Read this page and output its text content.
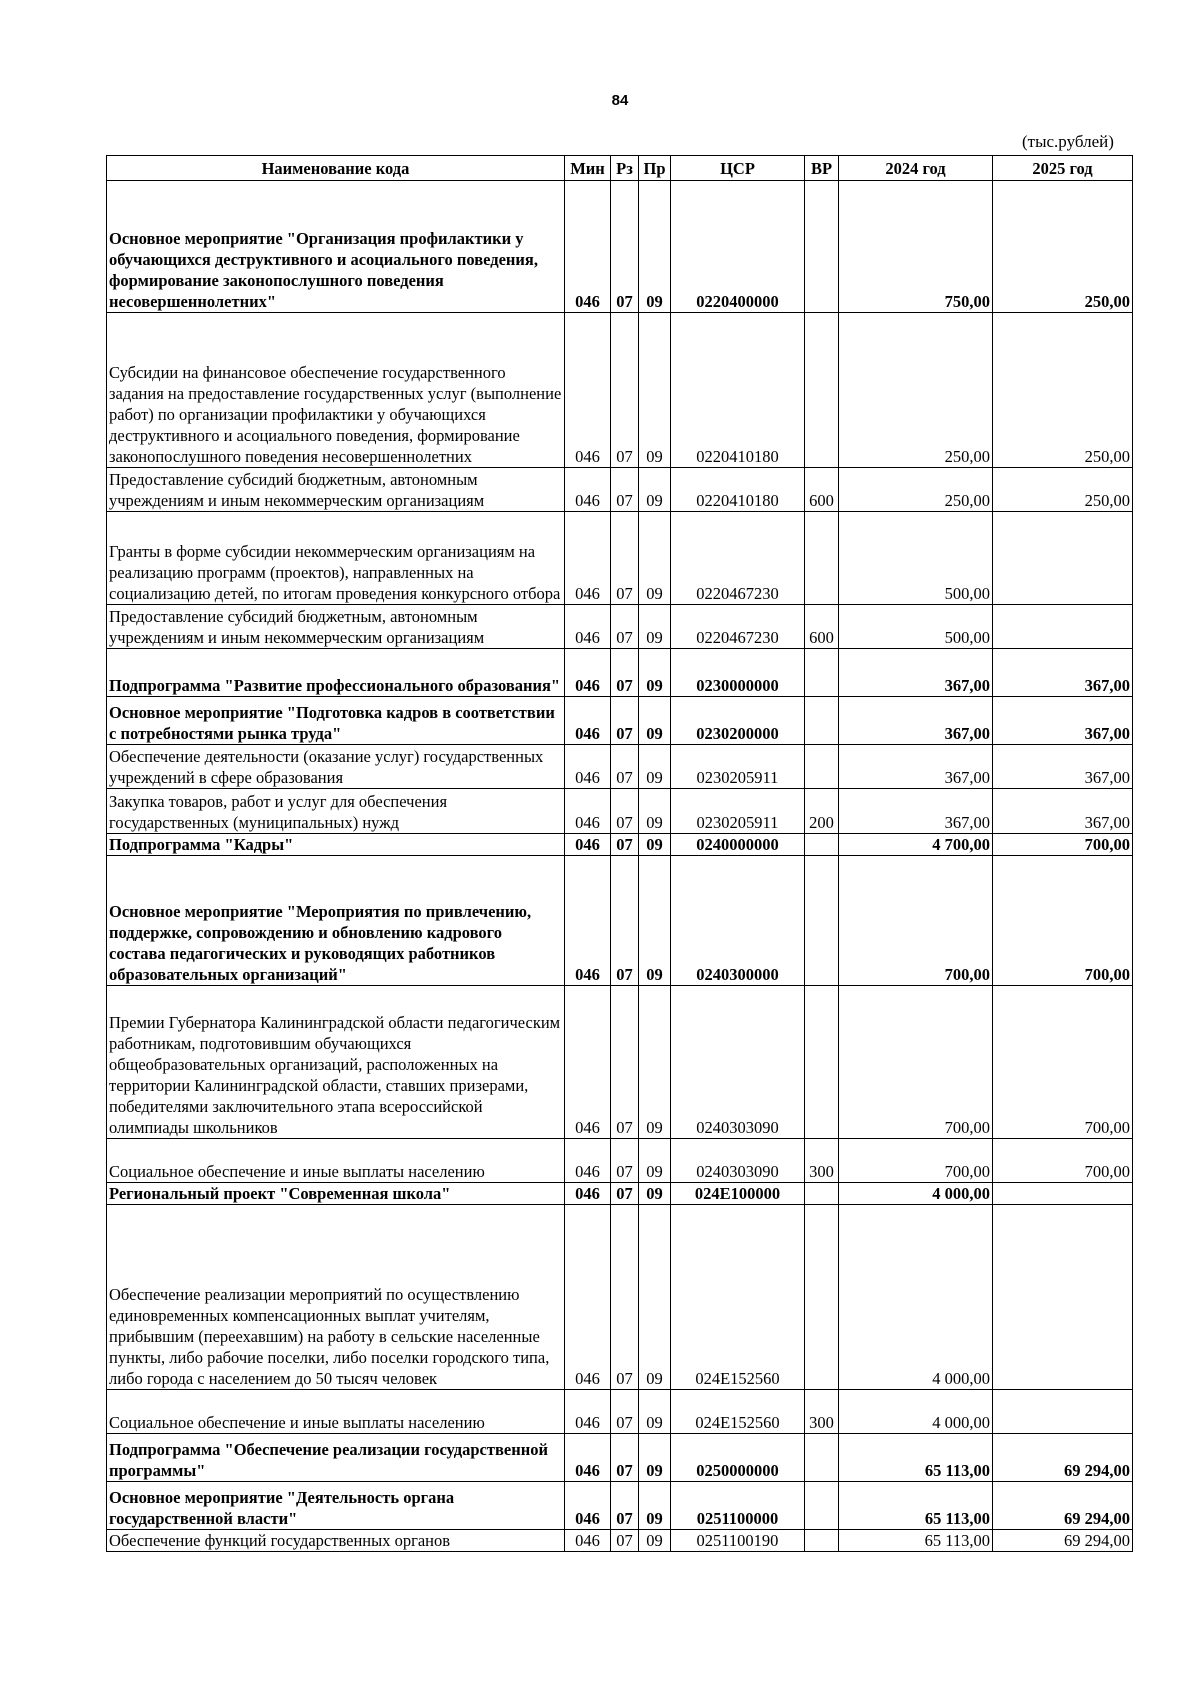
84
(тыс.рублей)
Наименование кода	Мин	Рз	Пр	ЦСР	ВР	2024 год	2025 год
Основное мероприятие "Организация профилактики у обучающихся деструктивного и асоциального поведения, формирование законопослушного поведения несовершеннолетних"	046	07	09	0220400000		750,00	250,00
Субсидии на финансовое обеспечение государственного задания на предоставление государственных услуг (выполнение работ) по организации профилактики у обучающихся деструктивного и асоциального поведения, формирование законопослушного поведения несовершеннолетних	046	07	09	0220410180		250,00	250,00
Предоставление субсидий бюджетным, автономным учреждениям и иным некоммерческим организациям	046	07	09	0220410180	600	250,00	250,00
Гранты в форме субсидии некоммерческим организациям на реализацию программ (проектов), направленных на социализацию детей, по итогам проведения конкурсного отбора	046	07	09	0220467230		500,00	
Предоставление субсидий бюджетным, автономным учреждениям и иным некоммерческим организациям	046	07	09	0220467230	600	500,00	
Подпрограмма "Развитие профессионального образования"	046	07	09	0230000000		367,00	367,00
Основное мероприятие "Подготовка кадров в соответствии с потребностями рынка труда"	046	07	09	0230200000		367,00	367,00
Обеспечение деятельности (оказание услуг) государственных учреждений в сфере образования	046	07	09	0230205911		367,00	367,00
Закупка товаров, работ и услуг для обеспечения государственных (муниципальных) нужд	046	07	09	0230205911	200	367,00	367,00
Подпрограмма "Кадры"	046	07	09	0240000000		4 700,00	700,00
Основное мероприятие "Мероприятия по привлечению, поддержке, сопровождению и обновлению кадрового состава педагогических и руководящих работников образовательных организаций"	046	07	09	0240300000		700,00	700,00
Премии Губернатора Калининградской области педагогическим работникам, подготовившим обучающихся общеобразовательных организаций, расположенных на территории Калининградской области, ставших призерами, победителями заключительного этапа всероссийской олимпиады школьников	046	07	09	0240303090		700,00	700,00
Социальное обеспечение и иные выплаты населению	046	07	09	0240303090	300	700,00	700,00
Региональный проект "Современная школа"	046	07	09	024Е100000		4 000,00	
Обеспечение реализации мероприятий по осуществлению единовременных компенсационных выплат учителям, прибывшим (переехавшим) на работу в сельские населенные пункты, либо рабочие поселки, либо поселки городского типа, либо города с населением до 50 тысяч человек	046	07	09	024Е152560		4 000,00	
Социальное обеспечение и иные выплаты населению	046	07	09	024Е152560	300	4 000,00	
Подпрограмма "Обеспечение реализации государственной программы"	046	07	09	0250000000		65 113,00	69 294,00
Основное мероприятие "Деятельность органа государственной власти"	046	07	09	0251100000		65 113,00	69 294,00
Обеспечение функций государственных органов	046	07	09	0251100190		65 113,00	69 294,00
